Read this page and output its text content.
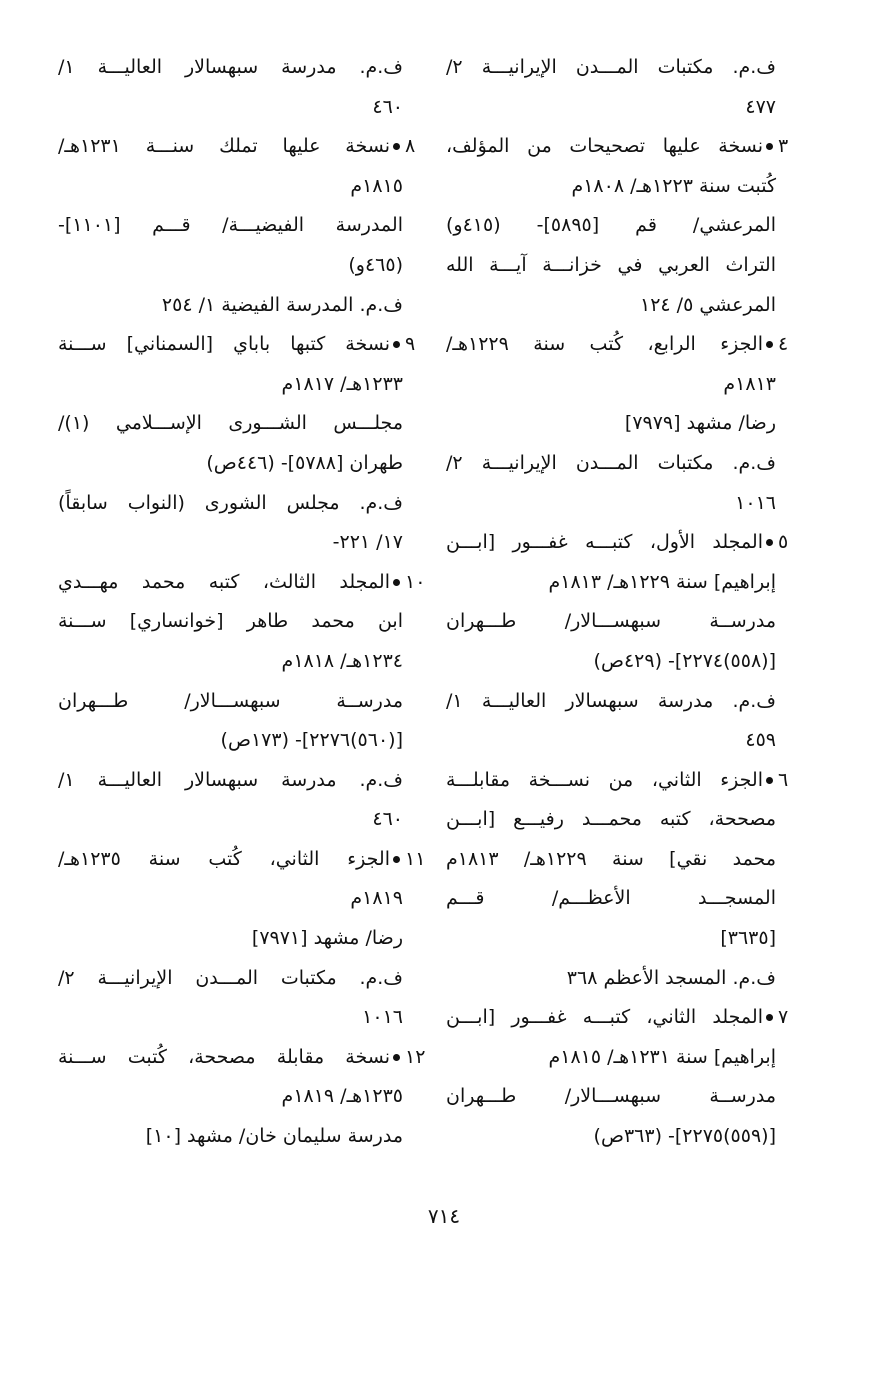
ف.م. مكتبات المـــدن الإيرانيـــة ٢/
٤٧٧
٣
نسخة عليها تصحيحات من المؤلف،
كُتبت سنة ١٢٢٣هـ/ ١٨٠٨م
المرعشي/ قم [٥٨٩٥]- (٤١٥و)
التراث العربي في خزانـــة آيـــة الله
المرعشي ٥/ ١٢٤
٤
الجزء الرابع، كُتب سنة ١٢٢٩هـ/
١٨١٣م
رضا/ مشهد [٧٩٧٩]
ف.م. مكتبات المـــدن الإيرانيـــة ٢/
١٠١٦
٥
المجلد الأول، كتبـــه غفـــور [ابـــن
إبراهيم] سنة ١٢٢٩هـ/ ١٨١٣م
مدرســة سبهســـالار/ طـــهران
[(٥٥٨)٢٢٧٤]- (٤٢٩ص)
ف.م. مدرسة سبهسالار العاليـــة ١/
٤٥٩
٦
الجزء الثاني، من نســـخة مقابلـــة
مصححة، كتبه محمـــد رفيـــع [ابـــن
محمد نقي] سنة ١٢٢٩هـ/ ١٨١٣م
المسجـــد الأعظـــم/ قـــم
[٣٦٣٥]
ف.م. المسجد الأعظم ٣٦٨
٧
المجلد الثاني، كتبـــه غفـــور [ابـــن
إبراهيم] سنة ١٢٣١هـ/ ١٨١٥م
مدرســة سبهســـالار/ طـــهران
[(٥٥٩)٢٢٧٥]- (٣٦٣ص)
ف.م. مدرسة سبهسالار العاليـــة ١/
٤٦٠
٨
نسخة عليها تملك سنـــة ١٢٣١هـ/
١٨١٥م
المدرسة الفيضيـــة/ قـــم [١١٠١]-
(٤٦٥و)
ف.م. المدرسة الفيضية ١/ ٢٥٤
٩
نسخة كتبها باباي [السمناني] ســـنة
١٢٣٣هـ/ ١٨١٧م
مجلـــس الشـــورى الإســـلامي (١)/
طهران [٥٧٨٨]- (٤٤٦ص)
ف.م. مجلس الشورى (النواب سابقاً)
١٧/ ٢٢١-
١٠
المجلد الثالث، كتبه محمد مهـــدي
ابن محمد طاهر [خوانساري] ســـنة
١٢٣٤هـ/ ١٨١٨م
مدرســة سبهســـالار/ طـــهران
[(٥٦٠)٢٢٧٦]- (١٧٣ص)
ف.م. مدرسة سبهسالار العاليـــة ١/
٤٦٠
١١
الجزء الثاني، كُتب سنة ١٢٣٥هـ/
١٨١٩م
رضا/ مشهد [٧٩٧١]
ف.م. مكتبات المـــدن الإيرانيـــة ٢/
١٠١٦
١٢
نسخة مقابلة مصححة، كُتبت ســـنة
١٢٣٥هـ/ ١٨١٩م
مدرسة سليمان خان/ مشهد [١٠]
٧١٤
